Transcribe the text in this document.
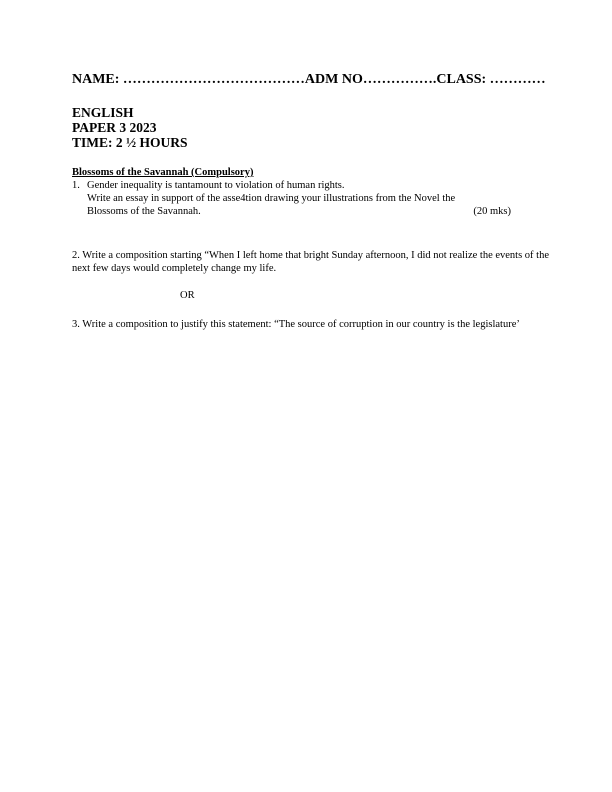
NAME: …………………………………ADM NO…………….CLASS: …………
ENGLISH
PAPER 3 2023
TIME: 2 ½ HOURS
Blossoms of the Savannah (Compulsory)
1. Gender inequality is tantamount to violation of human rights.
Write an essay in support of the asse4tion drawing your illustrations from the Novel the
Blossoms of the Savannah.	(20 mks)
2. Write a composition starting “When I left home that bright Sunday afternoon, I did not realize the events of the next few days would completely change my life.
OR
3. Write a composition to justify this statement: “The source of corruption in our country is the legislature’
